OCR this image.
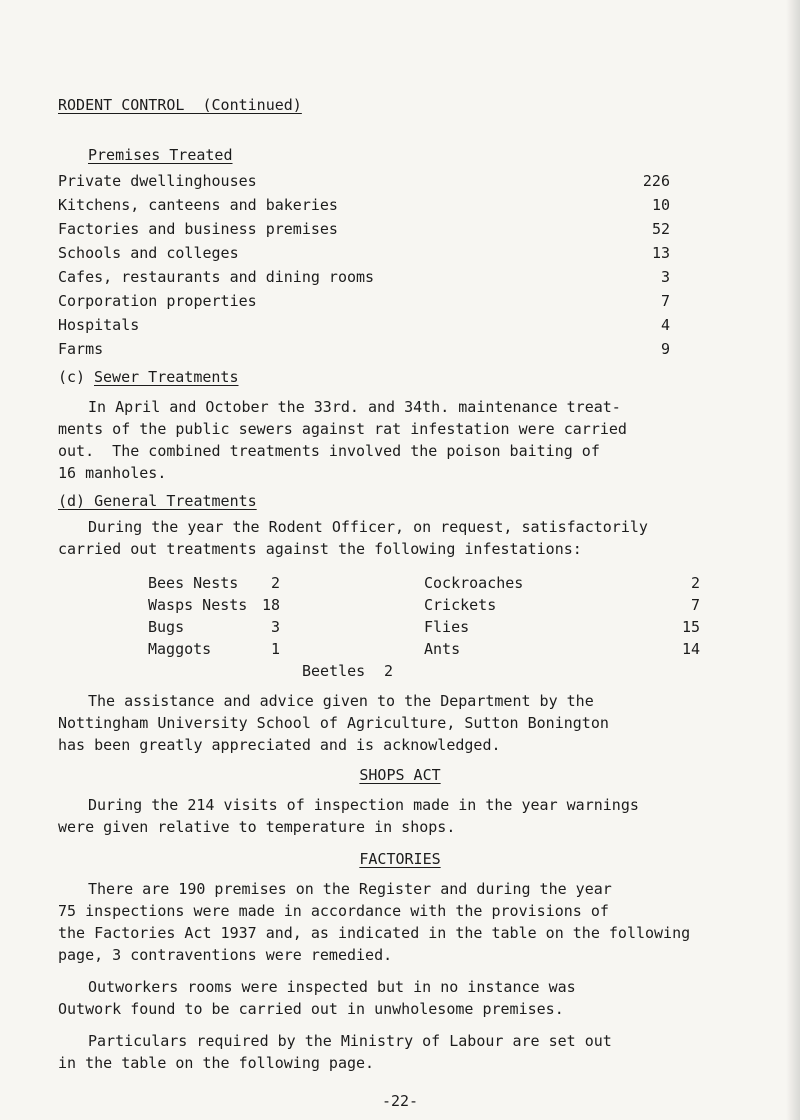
RODENT CONTROL  (Continued)
Premises Treated
Private dwellinghouses	226
Kitchens, canteens and bakeries	10
Factories and business premises	52
Schools and colleges	13
Cafes, restaurants and dining rooms	3
Corporation properties	7
Hospitals	4
Farms	9
(c) Sewer Treatments
In April and October the 33rd. and 34th. maintenance treat-
ments of the public sewers against rat infestation were carried
out.  The combined treatments involved the poison baiting of
16 manholes.
(d) General Treatments
During the year the Rodent Officer, on request, satisfactorily
carried out treatments against the following infestations:
Bees Nests	2
Wasps Nests 18
Bugs	3
Maggots	1
Cockroaches	2
Crickets	7
Flies	15
Ants	14
Beetles 2
The assistance and advice given to the Department by the
Nottingham University School of Agriculture, Sutton Bonington
has been greatly appreciated and is acknowledged.
SHOPS ACT
During the 214 visits of inspection made in the year warnings
were given relative to temperature in shops.
FACTORIES
There are 190 premises on the Register and during the year
75 inspections were made in accordance with the provisions of
the Factories Act 1937 and, as indicated in the table on the following
page, 3 contraventions were remedied.
Outworkers rooms were inspected but in no instance was
Outwork found to be carried out in unwholesome premises.
Particulars required by the Ministry of Labour are set out
in the table on the following page.
-22-
